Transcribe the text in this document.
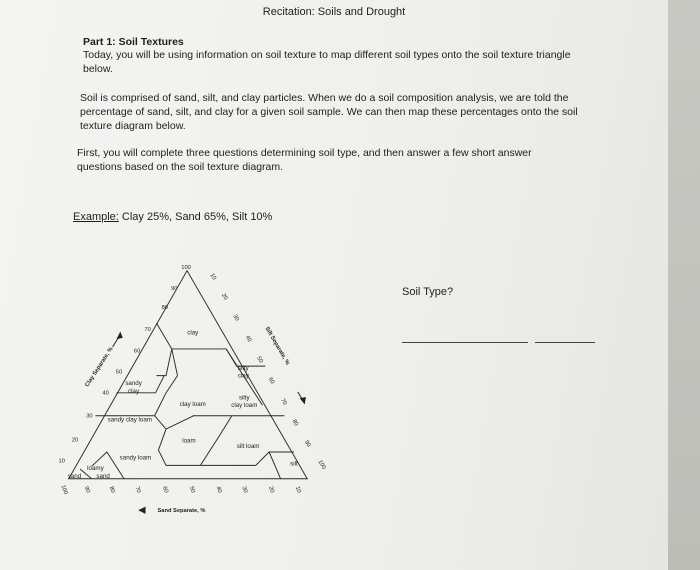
Recitation: Soils and Drought
Part 1: Soil Textures
Today, you will be using information on soil texture to map different soil types onto the soil texture triangle below.
Soil is comprised of sand, silt, and clay particles. When we do a soil composition analysis, we are told the percentage of sand, silt, and clay for a given soil sample. We can then map these percentages onto the soil texture diagram below.
First, you will complete three questions determining soil type, and then answer a few short answer questions based on the soil texture diagram.
Example: Clay 25%, Sand 65%, Silt 10%
Soil Type?
clay
silty
clay
sandy
clay
clay loam
silty
clay loam
sandy clay loam
loam
silt loam
silt
sandy loam
loamy
sand
sand
10
20
30
40
50
60
70
80
90
100
10
20
30
40
50
60
70
80
90
100
100 90	80	70	60	50	40	30	20	10
Clay Separate, %
Silt Separate, %
Sand Separate, %
